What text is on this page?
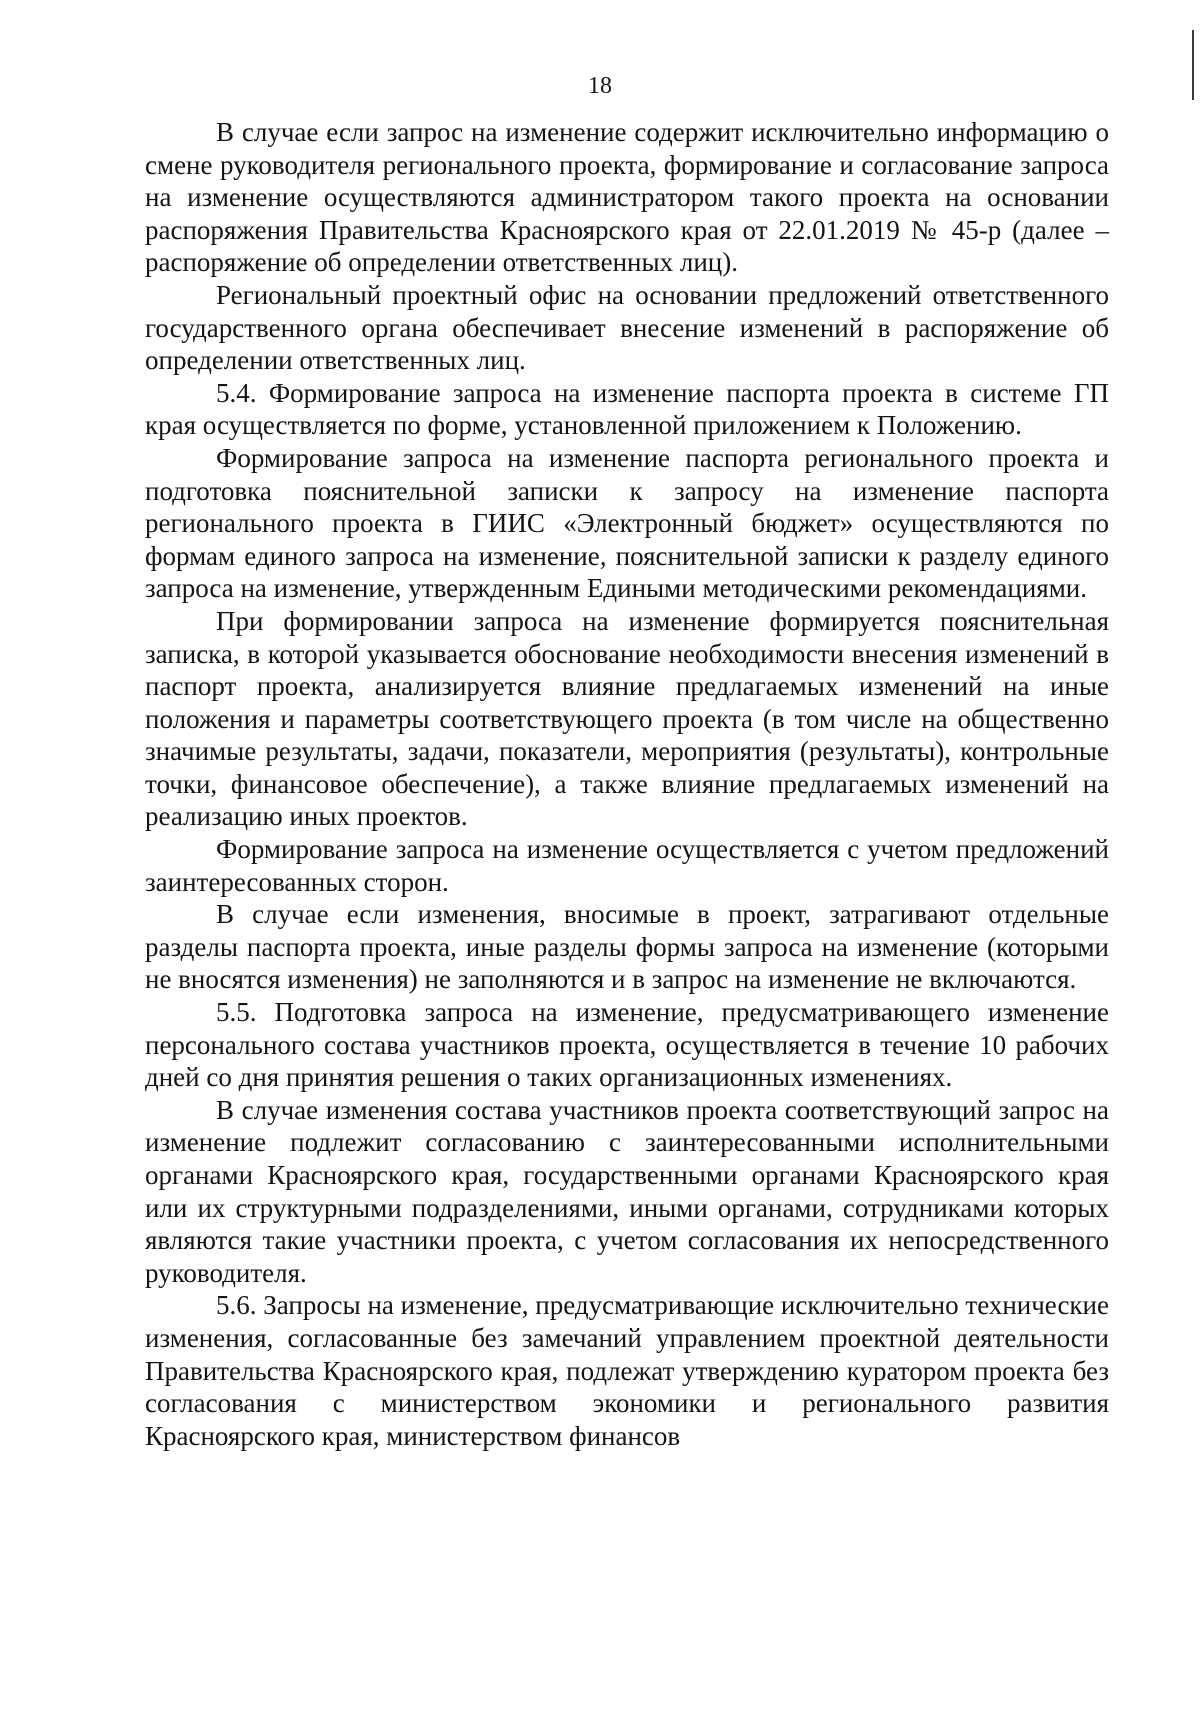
18

В случае если запрос на изменение содержит исключительно информацию о смене руководителя регионального проекта, формирование и согласование запроса на изменение осуществляются администратором такого проекта на основании распоряжения Правительства Красноярского края от 22.01.2019 № 45-р (далее – распоряжение об определении ответственных лиц).

Региональный проектный офис на основании предложений ответственного государственного органа обеспечивает внесение изменений в распоряжение об определении ответственных лиц.

5.4. Формирование запроса на изменение паспорта проекта в системе ГП края осуществляется по форме, установленной приложением к Положению.

Формирование запроса на изменение паспорта регионального проекта и подготовка пояснительной записки к запросу на изменение паспорта регионального проекта в ГИИС «Электронный бюджет» осуществляются по формам единого запроса на изменение, пояснительной записки к разделу единого запроса на изменение, утвержденным Едиными методическими рекомендациями.

При формировании запроса на изменение формируется пояснительная записка, в которой указывается обоснование необходимости внесения изменений в паспорт проекта, анализируется влияние предлагаемых изменений на иные положения и параметры соответствующего проекта (в том числе на общественно значимые результаты, задачи, показатели, мероприятия (результаты), контрольные точки, финансовое обеспечение), а также влияние предлагаемых изменений на реализацию иных проектов.

Формирование запроса на изменение осуществляется с учетом предложений заинтересованных сторон.

В случае если изменения, вносимые в проект, затрагивают отдельные разделы паспорта проекта, иные разделы формы запроса на изменение (которыми не вносятся изменения) не заполняются и в запрос на изменение не включаются.

5.5. Подготовка запроса на изменение, предусматривающего изменение персонального состава участников проекта, осуществляется в течение 10 рабочих дней со дня принятия решения о таких организационных изменениях.

В случае изменения состава участников проекта соответствующий запрос на изменение подлежит согласованию с заинтересованными исполнительными органами Красноярского края, государственными органами Красноярского края или их структурными подразделениями, иными органами, сотрудниками которых являются такие участники проекта, с учетом согласования их непосредственного руководителя.

5.6. Запросы на изменение, предусматривающие исключительно технические изменения, согласованные без замечаний управлением проектной деятельности Правительства Красноярского края, подлежат утверждению куратором проекта без согласования с министерством экономики и регионального развития Красноярского края, министерством финансов
